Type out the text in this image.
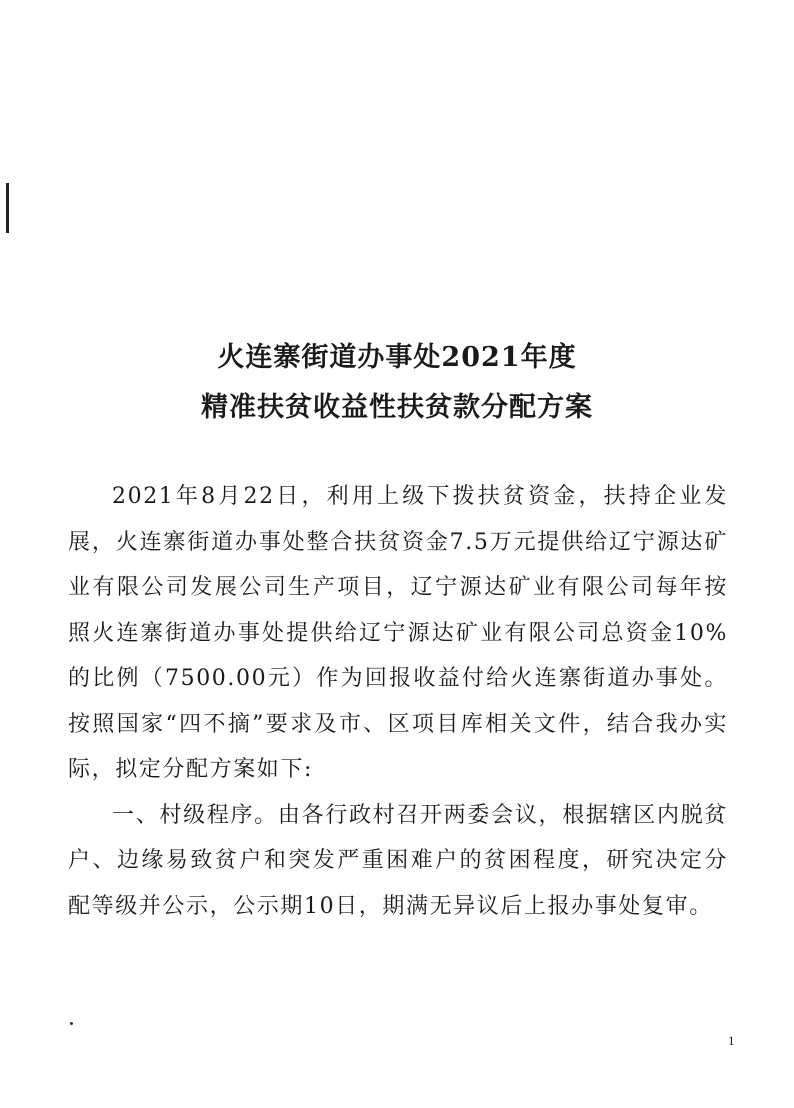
火连寨街道办事处2021年度
精准扶贫收益性扶贫款分配方案

2021年8月22日，利用上级下拨扶贫资金，扶持企业发展，火连寨街道办事处整合扶贫资金7.5万元提供给辽宁源达矿业有限公司发展公司生产项目，辽宁源达矿业有限公司每年按照火连寨街道办事处提供给辽宁源达矿业有限公司总资金10%的比例（7500.00元）作为回报收益付给火连寨街道办事处。按照国家“四不摘”要求及市、区项目库相关文件，结合我办实际，拟定分配方案如下:

一、村级程序。由各行政村召开两委会议，根据辖区内脱贫户、边缘易致贫户和突发严重困难户的贫困程度，研究决定分配等级并公示，公示期10日，期满无异议后上报办事处复审。

1
